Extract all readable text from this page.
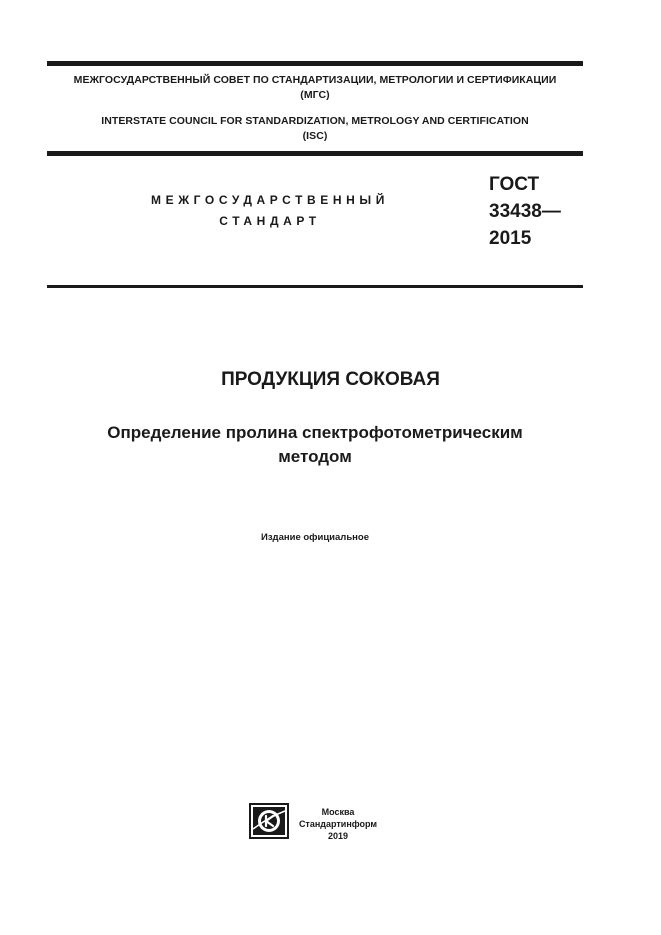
МЕЖГОСУДАРСТВЕННЫЙ СОВЕТ ПО СТАНДАРТИЗАЦИИ, МЕТРОЛОГИИ И СЕРТИФИКАЦИИ
(МГС)
INTERSTATE COUNCIL FOR STANDARDIZATION, METROLOGY AND CERTIFICATION
(ISC)
МЕЖГОСУДАРСТВЕННЫЙ
СТАНДАРТ
ГОСТ
33438—
2015
ПРОДУКЦИЯ СОКОВАЯ
Определение пролина спектрофотометрическим
методом
Издание официальное
Москва
Стандартинформ
2019
